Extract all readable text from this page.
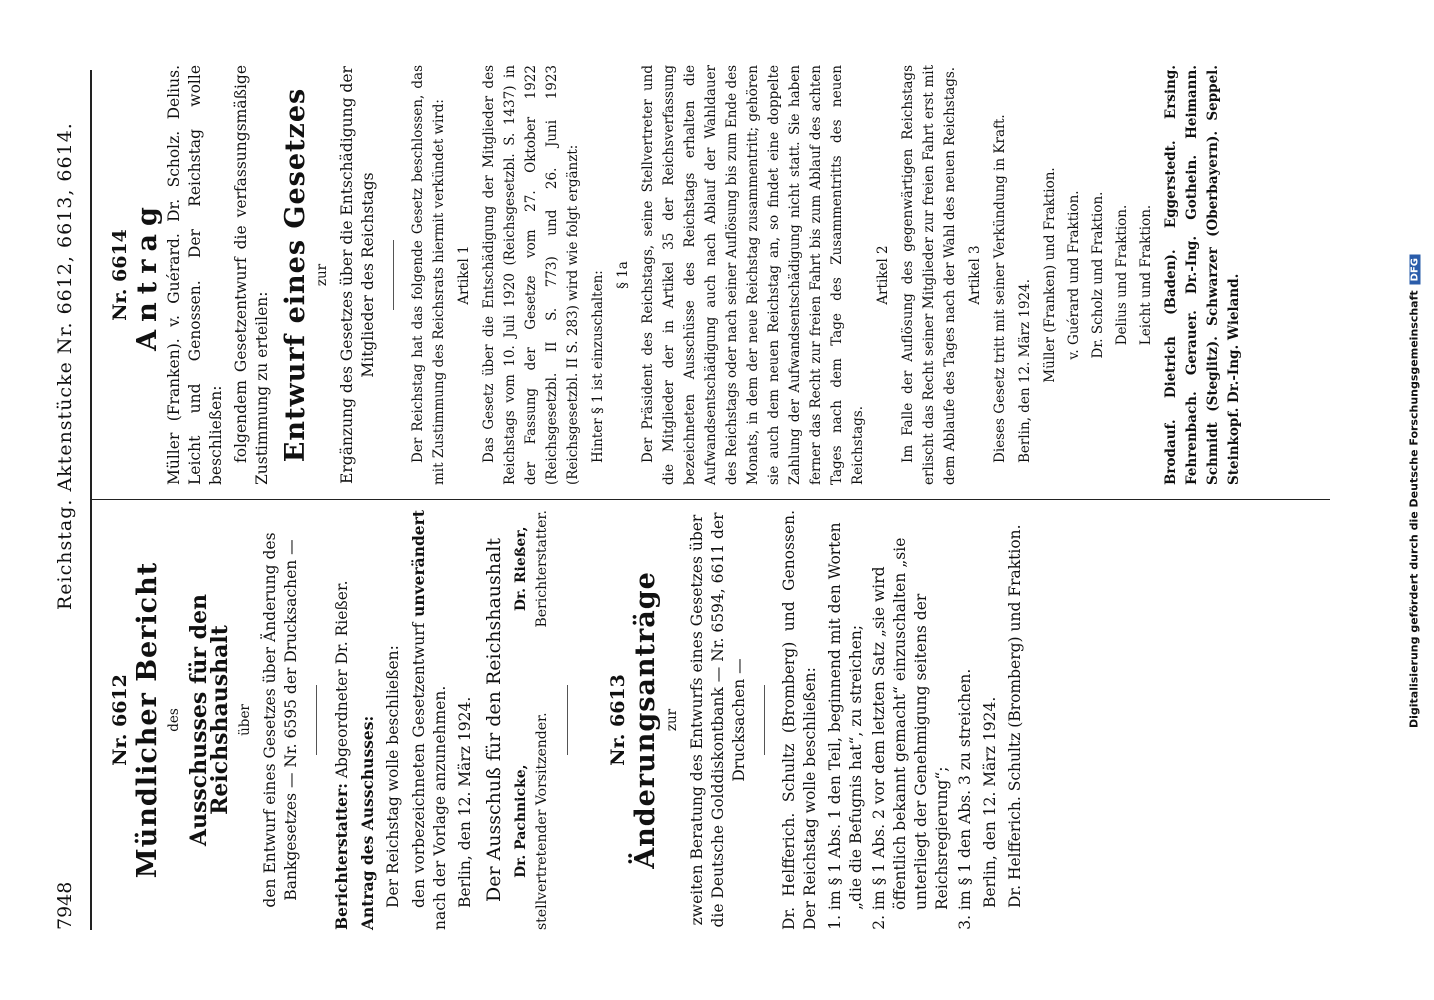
7948
Reichstag. Aktenstücke Nr. 6612, 6613, 6614.
Nr. 6612 Mündlicher Bericht des Ausschusses für den Reichshaushalt über den Entwurf eines Gesetzes über Änderung des Bankgesetzes — Nr. 6595 der Drucksachen — Berichterstatter: Abgeordneter Dr. Rießer.

Antrag des Ausschusses: Der Reichstag wolle beschließen: den vorbezeichneten Gesetzentwurf unverändert nach der Vorlage anzunehmen. Berlin, den 12. März 1924. Der Ausschuß für den Reichshaushalt Dr. Pachnicke, stellvertretender Vorsitzender.
Dr. Rießer, Berichterstatter.
Nr. 6613 Änderungsanträge zur zweiten Beratung des Entwurfs eines Gesetzes über die Deutsche Golddiskontbank — Nr. 6594, 6611 der Drucksachen — Dr. Helfferich. Schultz (Bromberg) und Genossen. Der Reichstag wolle beschließen: 1. im § 1 Abs. 1 den Teil, beginnend mit den Worten „die die Befugnis hat“, zu streichen; 2. im § 1 Abs. 2 vor dem letzten Satz „sie wird öffentlich bekannt gemacht“ einzuschalten „sie unterliegt der Genehmigung seitens der Reichsregierung“; 3. im § 1 den Abs. 3 zu streichen. Berlin, den 12. März 1924. Dr. Helfferich. Schultz (Bromberg) und Fraktion.

Nr. 6614 Antrag Müller (Franken). v. Guérard. Dr. Scholz. Delius. Leicht und Genossen. Der Reichstag wolle beschließen: folgendem Gesetzentwurf die verfassungsmäßige Zustimmung zu erteilen: Entwurf eines Gesetzes zur Ergänzung des Gesetzes über die Entschädigung der Mitglieder des Reichstags Der Reichstag hat das folgende Gesetz beschlossen, das mit Zustimmung des Reichsrats hiermit verkündet wird: Artikel 1 Das Gesetz über die Entschädigung der Mitglieder des Reichstags vom 10. Juli 1920 (Reichsgesetzbl. S. 1437) in der Fassung der Gesetze vom 27. Oktober 1922 (Reichsgesetzbl. II S. 773) und 26. Juni 1923 (Reichsgesetzbl. II S. 283) wird wie folgt ergänzt: Hinter § 1 ist einzuschalten: § 1a Der Präsident des Reichstags, seine Stellvertreter und die Mitglieder der in Artikel 35 der Reichsverfassung bezeichneten Ausschüsse des Reichstags erhalten die Aufwandsentschädigung auch nach Ablauf der Wahldauer des Reichstags oder nach seiner Auflösung bis zum Ende des Monats, in dem der neue Reichstag zusammentritt; gehören sie auch dem neuen Reichstag an, so findet eine doppelte Zahlung der Aufwandsentschädigung nicht statt. Sie haben ferner das Recht zur freien Fahrt bis zum Ablauf des achten Tages nach dem Tage des Zusammentritts des neuen Reichstags.

Artikel 2 Im Falle der Auflösung des gegenwärtigen Reichstags erlischt das Recht seiner Mitglieder zur freien Fahrt erst mit dem Ablaufe des Tages nach der Wahl des neuen Reichstags. Artikel 3 Dieses Gesetz tritt mit seiner Verkündung in Kraft. Berlin, den 12. März 1924. Müller (Franken) und Fraktion. v. Guérard und Fraktion. Dr. Scholz und Fraktion. Delius und Fraktion. Leicht und Fraktion. Brodauf. Dietrich (Baden). Eggerstedt. Ersing. Fehrenbach. Gerauer. Dr.-Ing. Gothein. Heimann. Schmidt (Steglitz). Schwarzer (Oberbayern). Seppel. Steinkopf. Dr.-Ing. Wieland.	Digitalisierung gefördert durch die Deutsche ForschungsgemeinschaftDFG
